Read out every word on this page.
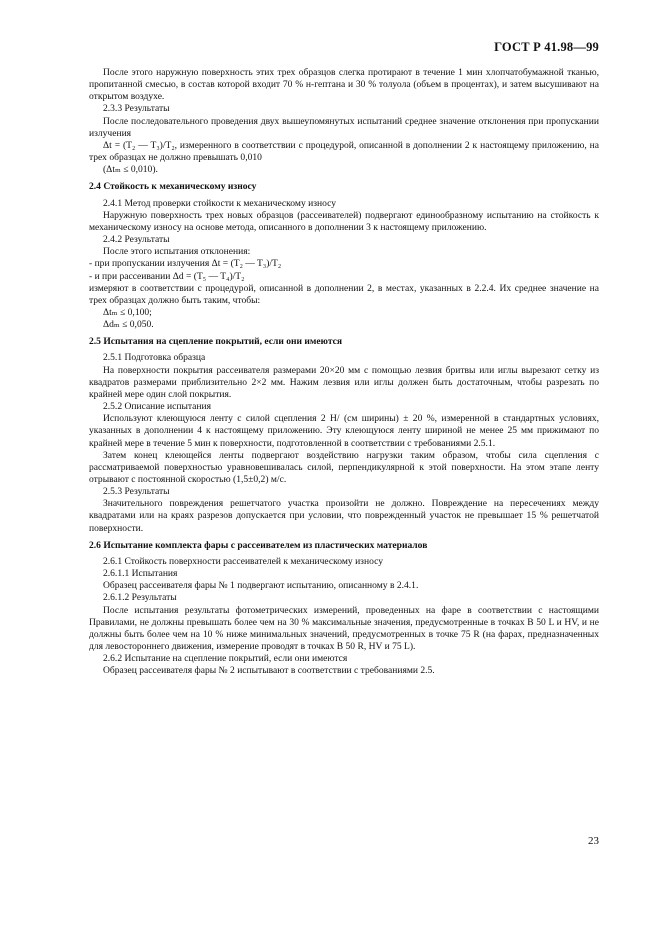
ГОСТ Р 41.98—99

После этого наружную поверхность этих трех образцов слегка протирают в течение 1 мин хлопчатобумажной тканью, пропитанной смесью, в состав которой входит 70 % н-гептана и 30 % толуола (объем в процентах), и затем высушивают на открытом воздухе.

2.3.3 Результаты

После последовательного проведения двух вышеупомянутых испытаний среднее значение отклонения при пропускании излучения

Δt = (T₂ — T₃)/T₂, измеренного в соответствии с процедурой, описанной в дополнении 2 к настоящему приложению, на трех образцах не должно превышать 0,010

(Δtₘ ≤ 0,010).

2.4 Стойкость к механическому износу

2.4.1 Метод проверки стойкости к механическому износу

Наружную поверхность трех новых образцов (рассеивателей) подвергают единообразному испытанию на стойкость к механическому износу на основе метода, описанного в дополнении 3 к настоящему приложению.

2.4.2 Результаты

После этого испытания отклонения:

- при пропускании излучения Δt = (T₂ — T₃)/T₂

- и при рассеивании Δd = (T₅ — T₄)/T₂

измеряют в соответствии с процедурой, описанной в дополнении 2, в местах, указанных в 2.2.4. Их среднее значение на трех образцах должно быть таким, чтобы:

Δtₘ ≤ 0,100;

Δdₘ ≤ 0,050.

2.5 Испытания на сцепление покрытий, если они имеются

2.5.1 Подготовка образца

На поверхности покрытия рассеивателя размерами 20×20 мм с помощью лезвия бритвы или иглы вырезают сетку из квадратов размерами приблизительно 2×2 мм. Нажим лезвия или иглы должен быть достаточным, чтобы разрезать по крайней мере один слой покрытия.

2.5.2 Описание испытания

Используют клеющуюся ленту с силой сцепления 2 Н/ (см ширины) ± 20 %, измеренной в стандартных условиях, указанных в дополнении 4 к настоящему приложению. Эту клеющуюся ленту шириной не менее 25 мм прижимают по крайней мере в течение 5 мин к поверхности, подготовленной в соответствии с требованиями 2.5.1.

Затем конец клеющейся ленты подвергают воздействию нагрузки таким образом, чтобы сила сцепления с рассматриваемой поверхностью уравновешивалась силой, перпендикулярной к этой поверхности. На этом этапе ленту отрывают с постоянной скоростью (1,5±0,2) м/с.

2.5.3 Результаты

Значительного повреждения решетчатого участка произойти не должно. Повреждение на пересечениях между квадратами или на краях разрезов допускается при условии, что поврежденный участок не превышает 15 % решетчатой поверхности.

2.6 Испытание комплекта фары с рассеивателем из пластических материалов

2.6.1 Стойкость поверхности рассеивателей к механическому износу

2.6.1.1 Испытания

Образец рассеивателя фары № 1 подвергают испытанию, описанному в 2.4.1.

2.6.1.2 Результаты

После испытания результаты фотометрических измерений, проведенных на фаре в соответствии с настоящими Правилами, не должны превышать более чем на 30 % максимальные значения, предусмотренные в точках B 50 L и HV, и не должны быть более чем на 10 % ниже минимальных значений, предусмотренных в точке 75 R (на фарах, предназначенных для левостороннего движения, измерение проводят в точках B 50 R, HV и 75 L).

2.6.2 Испытание на сцепление покрытий, если они имеются

Образец рассеивателя фары № 2 испытывают в соответствии с требованиями 2.5.

23
